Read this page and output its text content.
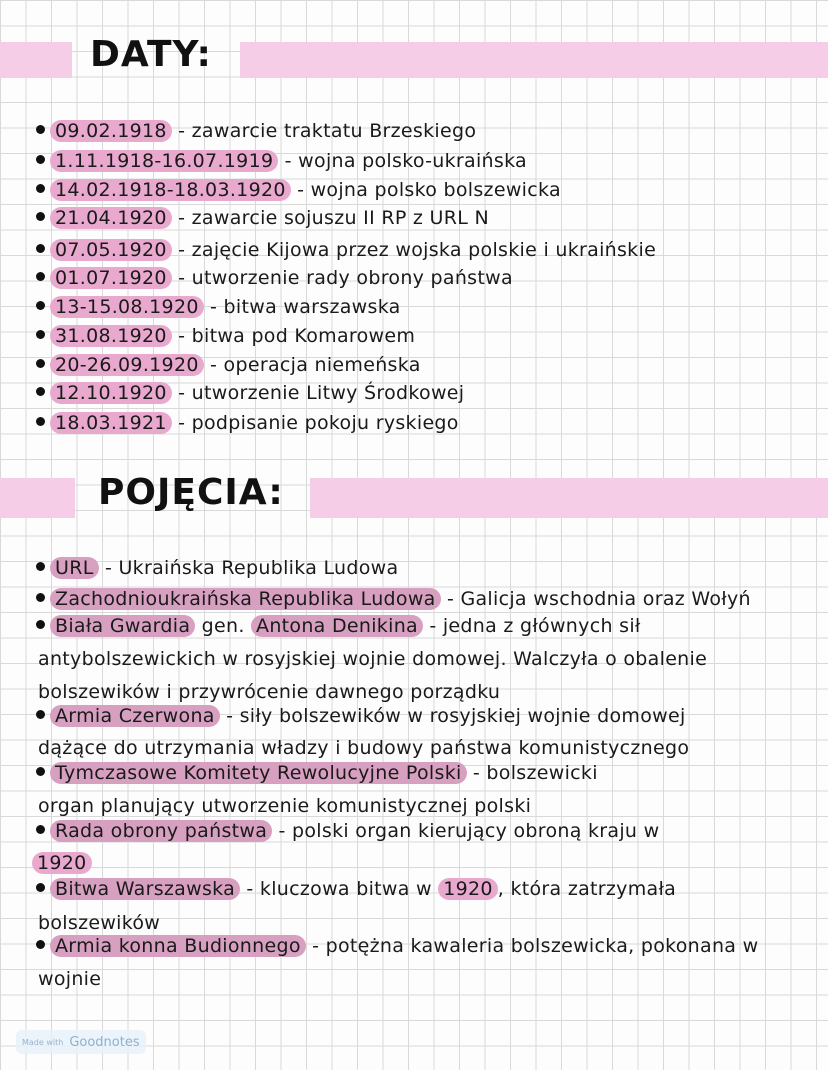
DATY:
POJĘCIA:
09.02.1918 - zawarcie traktatu Brzeskiego
1.11.1918-16.07.1919 - wojna polsko-ukraińska
14.02.1918-18.03.1920 - wojna polsko bolszewicka
21.04.1920 - zawarcie sojuszu II RP z URL N
07.05.1920 - zajęcie Kijowa przez wojska polskie i ukraińskie
01.07.1920 - utworzenie rady obrony państwa
13-15.08.1920 - bitwa warszawska
31.08.1920 - bitwa pod Komarowem
20-26.09.1920 - operacja niemeńska
12.10.1920 - utworzenie Litwy Środkowej
18.03.1921 - podpisanie pokoju ryskiego
URL - Ukraińska Republika Ludowa
Zachodnioukraińska Republika Ludowa - Galicja wschodnia oraz Wołyń
Biała Gwardia gen. Antona Denikina - jedna z głównych sił
antybolszewickich w rosyjskiej wojnie domowej. Walczyła o obalenie
bolszewików i przywrócenie dawnego porządku
Armia Czerwona - siły bolszewików w rosyjskiej wojnie domowej
dążące do utrzymania władzy i budowy państwa komunistycznego
Tymczasowe Komitety Rewolucyjne Polski - bolszewicki
organ planujący utworzenie komunistycznej polski
Rada obrony państwa - polski organ kierujący obroną kraju w
1920
Bitwa Warszawska - kluczowa bitwa w 1920 , która zatrzymała
bolszewików
Armia konna Budionnego - potężna kawaleria bolszewicka, pokonana w
wojnie
Made with Goodnotes
